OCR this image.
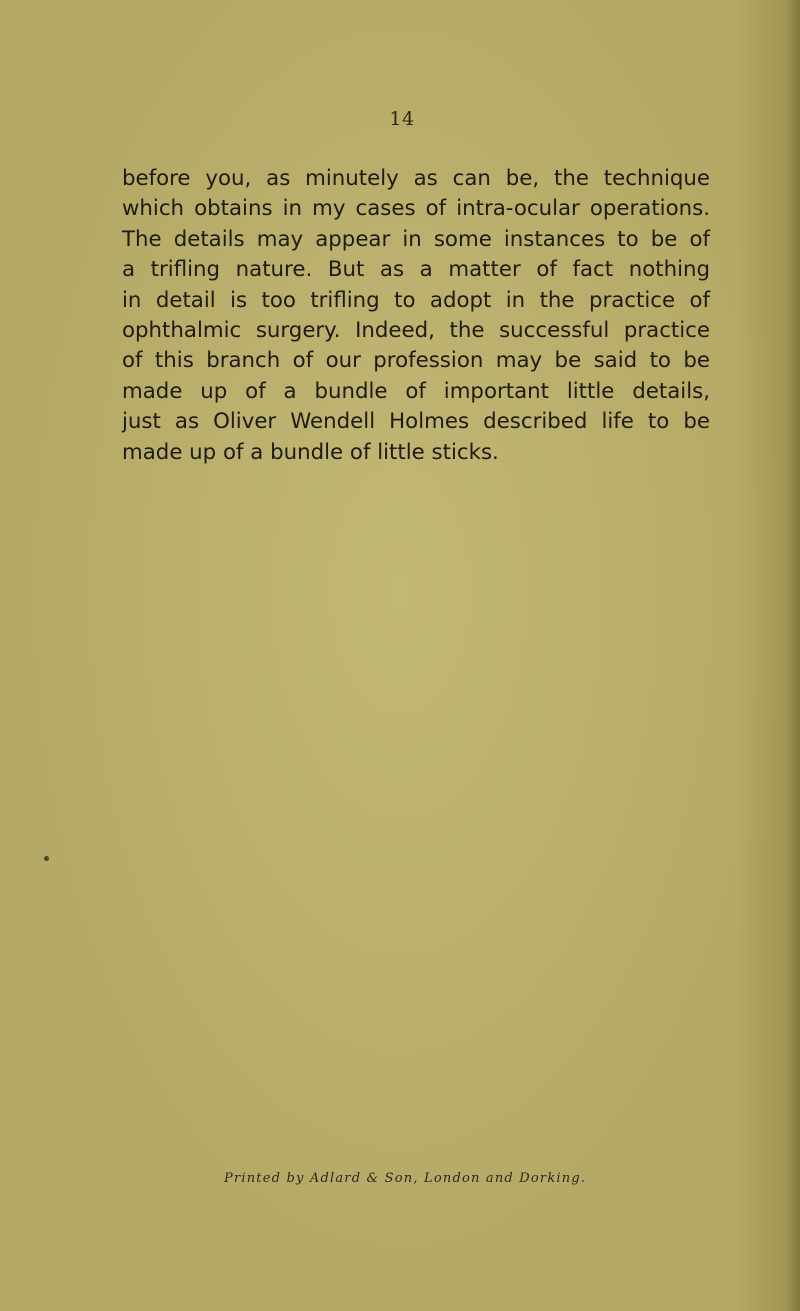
14

before you, as minutely as can be, the technique
which obtains in my cases of intra-ocular operations.
The details may appear in some instances to be of
a trifling nature. But as a matter of fact nothing
in detail is too trifling to adopt in the practice of
ophthalmic surgery. Indeed, the successful practice
of this branch of our profession may be said to be
made up of a bundle of important little details,
just as Oliver Wendell Holmes described life to be
made up of a bundle of little sticks.

Printed by Adlard & Son, London and Dorking.
